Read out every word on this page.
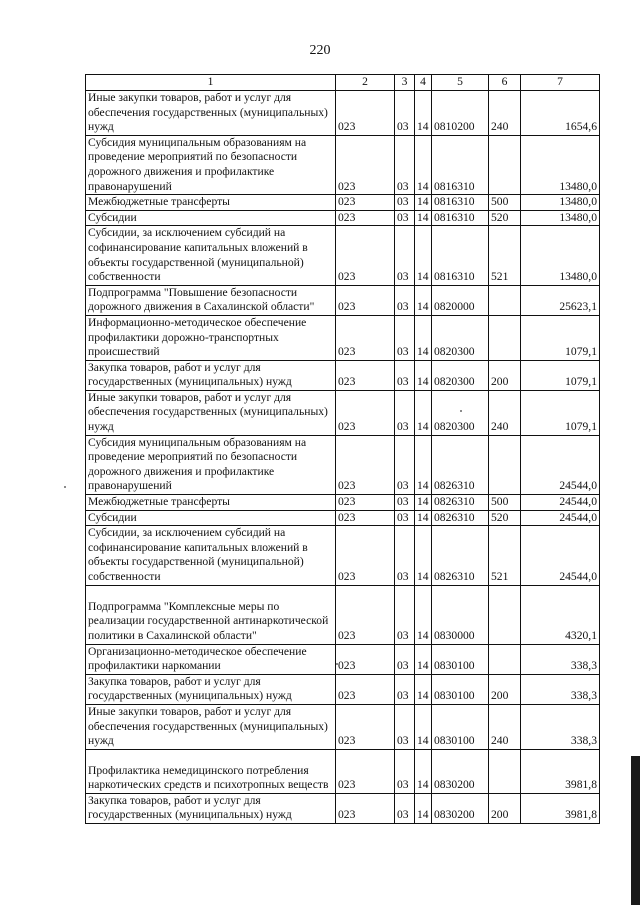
220
1	2	3	4	5	6	7
Иные закупки товаров, работ и услуг для обеспечения государственных (муниципальных) нужд	023	03	14	0810200	240	1654,6
Субсидия муниципальным образованиям на проведение мероприятий по безопасности дорожного движения и профилактике правонарушений	023	03	14	0816310		13480,0
Межбюджетные трансферты	023	03	14	0816310	500	13480,0
Субсидии	023	03	14	0816310	520	13480,0
Субсидии, за исключением субсидий на софинансирование капитальных вложений в объекты государственной (муниципальной) собственности	023	03	14	0816310	521	13480,0
Подпрограмма "Повышение безопасности дорожного движения в Сахалинской области"	023	03	14	0820000		25623,1
Информационно-методическое обеспечение профилактики дорожно-транспортных происшествий	023	03	14	0820300		1079,1
Закупка товаров, работ и услуг для государственных (муниципальных) нужд	023	03	14	0820300	200	1079,1
Иные закупки товаров, работ и услуг для обеспечения государственных (муниципальных) нужд	023	03	14	0820300	240	1079,1
Субсидия муниципальным образованиям на проведение мероприятий по безопасности дорожного движения и профилактике правонарушений	023	03	14	0826310		24544,0
Межбюджетные трансферты	023	03	14	0826310	500	24544,0
Субсидии	023	03	14	0826310	520	24544,0
Субсидии, за исключением субсидий на софинансирование капитальных вложений в объекты государственной (муниципальной) собственности	023	03	14	0826310	521	24544,0
Подпрограмма "Комплексные меры по реализации государственной антинаркотической политики в Сахалинской области"	023	03	14	0830000		4320,1
Организационно-методическое обеспечение профилактики наркомании	023	03	14	0830100		338,3
Закупка товаров, работ и услуг для государственных (муниципальных) нужд	023	03	14	0830100	200	338,3
Иные закупки товаров, работ и услуг для обеспечения государственных (муниципальных) нужд	023	03	14	0830100	240	338,3
Профилактика немедицинского потребления наркотических средств и психотропных веществ	023	03	14	0830200		3981,8
Закупка товаров, работ и услуг для государственных (муниципальных) нужд	023	03	14	0830200	200	3981,8
